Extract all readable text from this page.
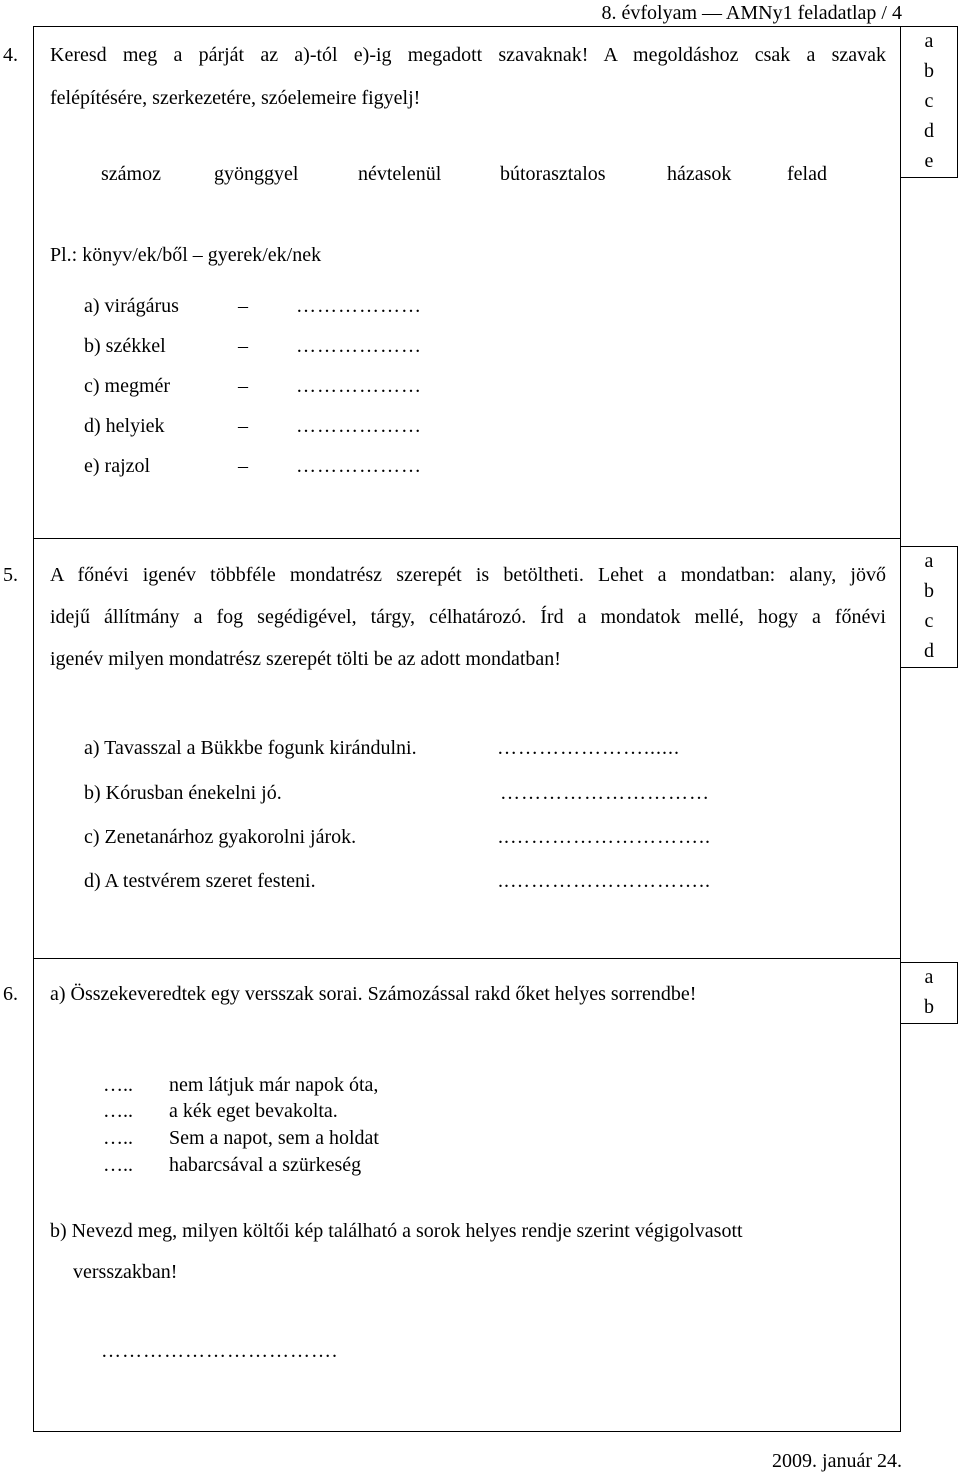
8. évfolyam — AMNy1 feladatlap / 4
a
b
c
d
e
a
b
c
d
a
b
4. Keresd meg a párját az a)-tól e)-ig megadott szavaknak! A megoldáshoz csak a szavak
felépítésére, szerkezetére, szóelemeire figyelj!
számoz	gyönggyel	névtelenül	bútorasztalos	házasok	felad
Pl.: könyv/ek/ből – gyerek/ek/nek
a) virágárus	– ………………
b) székkel	– ………………
c) megmér	– ………………
d) helyiek	– ………………
e) rajzol	– ………………
5. A főnévi igenév többféle mondatrész szerepét is betöltheti. Lehet a mondatban: alany, jövő
idejű állítmány a fog segédigével, tárgy, célhatározó. Írd a mondatok mellé, hogy a főnévi
igenév milyen mondatrész szerepét tölti be az adott mondatban!
a) Tavasszal a Bükkbe fogunk kirándulni.	…………………......
b) Kórusban énekelni jó.	…………………………
c) Zenetanárhoz gyakorolni járok.	..………………………..
d) A testvérem szeret festeni.	..………………………..
6. a) Összekeveredtek egy versszak sorai. Számozással rakd őket helyes sorrendbe!
….. nem látjuk már napok óta,
….. a kék eget bevakolta.
….. Sem a napot, sem a holdat
….. habarcsával a szürkeség
b) Nevezd meg, milyen költői kép található a sorok helyes rendje szerint végigolvasott
versszakban!
…………………………….
2009. január 24.
